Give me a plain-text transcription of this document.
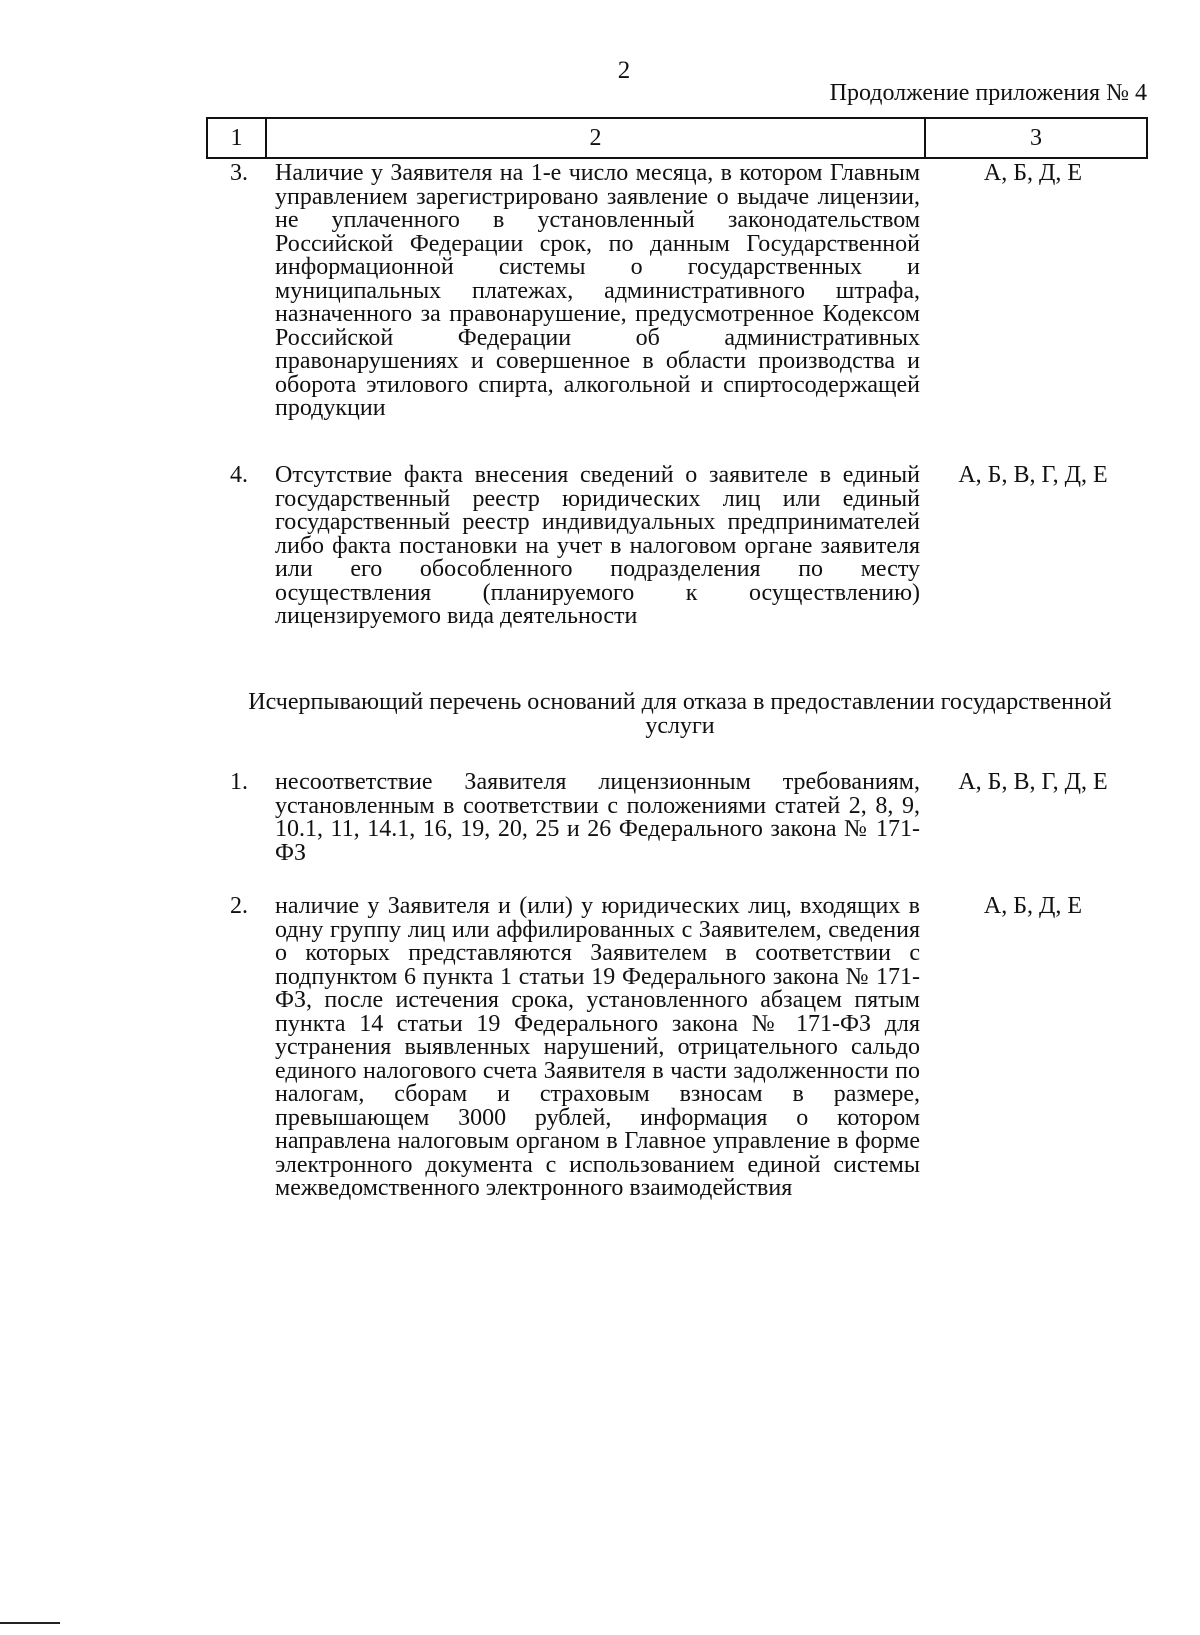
2
Продолжение приложения № 4
1	2	3
3. Наличие у Заявителя на 1-е число месяца, в котором Главным управлением зарегистрировано заявление о выдаче лицензии, не уплаченного в установленный законодательством Российской Федерации срок, по данным Государственной информационной системы о государственных и муниципальных платежах, административного штрафа, назначенного за правонарушение, предусмотренное Кодексом Российской Федерации об административных правонарушениях и совершенное в области производства и оборота этилового спирта, алкогольной и спиртосодержащей продукции
А, Б, Д, Е
4. Отсутствие факта внесения сведений о заявителе в единый государственный реестр юридических лиц или единый государственный реестр индивидуальных предпринимателей либо факта постановки на учет в налоговом органе заявителя или его обособленного подразделения по месту осуществления (планируемого к осуществлению) лицензируемого вида деятельности
А, Б, В, Г, Д, Е
Исчерпывающий перечень оснований для отказа в предоставлении государственной услуги
1. несоответствие Заявителя лицензионным требованиям, установленным в соответствии с положениями статей 2, 8, 9, 10.1, 11, 14.1, 16, 19, 20, 25 и 26 Федерального закона № 171-ФЗ
А, Б, В, Г, Д, Е
2. наличие у Заявителя и (или) у юридических лиц, входящих в одну группу лиц или аффилированных с Заявителем, сведения о которых представляются Заявителем в соответствии с подпунктом 6 пункта 1 статьи 19 Федерального закона № 171-ФЗ, после истечения срока, установленного абзацем пятым пункта 14 статьи 19 Федерального закона № 171-ФЗ для устранения выявленных нарушений, отрицательного сальдо единого налогового счета Заявителя в части задолженности по налогам, сборам и страховым взносам в размере, превышающем 3000 рублей, информация о котором направлена налоговым органом в Главное управление в форме электронного документа с использованием единой системы межведомственного электронного взаимодействия
А, Б, Д, Е
